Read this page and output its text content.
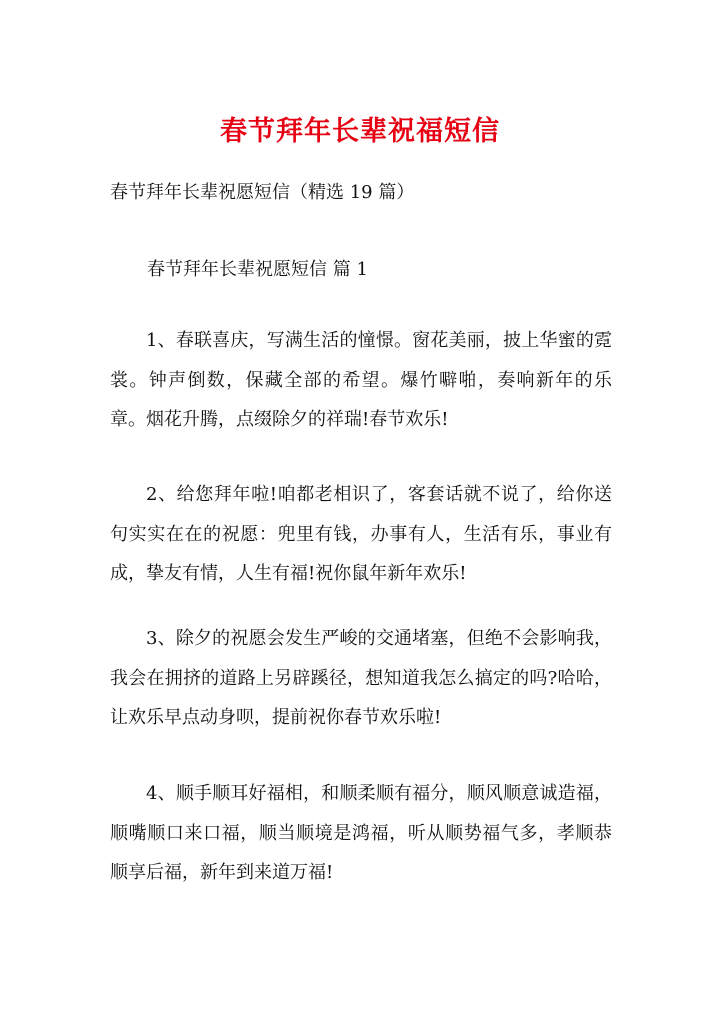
春节拜年长辈祝福短信
春节拜年长辈祝愿短信（精选 19 篇）
春节拜年长辈祝愿短信 篇 1

1、春联喜庆，写满生活的憧憬。窗花美丽，披上华蜜的霓裳。钟声倒数，保藏全部的希望。爆竹噼啪，奏响新年的乐章。烟花升腾，点缀除夕的祥瑞!春节欢乐!

2、给您拜年啦!咱都老相识了，客套话就不说了，给你送句实实在在的祝愿：兜里有钱，办事有人，生活有乐，事业有成，挚友有情，人生有福!祝你鼠年新年欢乐!

3、除夕的祝愿会发生严峻的交通堵塞，但绝不会影响我，我会在拥挤的道路上另辟蹊径，想知道我怎么搞定的吗?哈哈，让欢乐早点动身呗，提前祝你春节欢乐啦!

4、顺手顺耳好福相，和顺柔顺有福分，顺风顺意诚造福，顺嘴顺口来口福，顺当顺境是鸿福，听从顺势福气多，孝顺恭顺享后福，新年到来道万福!
